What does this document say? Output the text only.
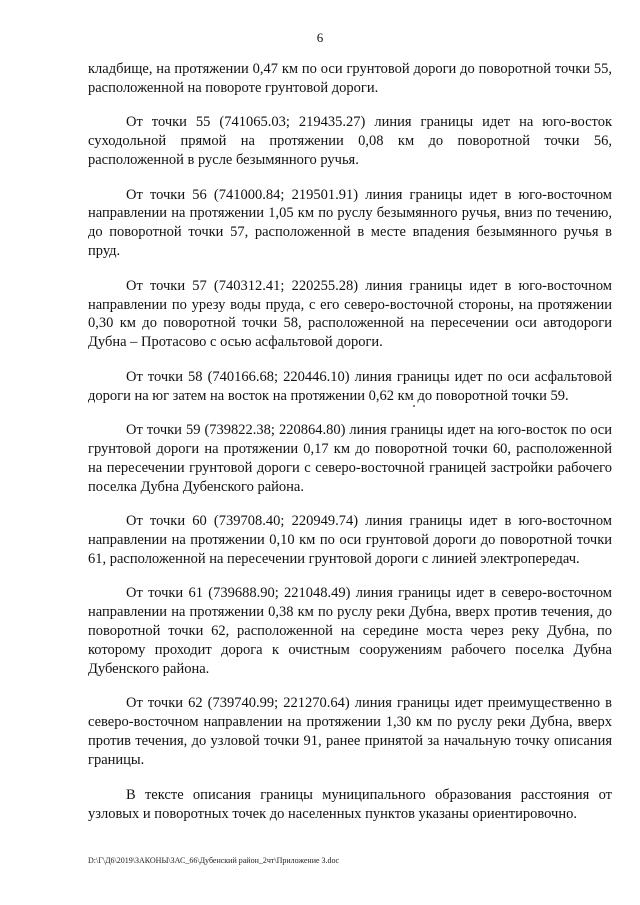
6

кладбище, на протяжении 0,47 км по оси грунтовой дороги до поворотной точки 55, расположенной на повороте грунтовой дороги.

От точки 55 (741065.03; 219435.27) линия границы идет на юго-восток суходольной прямой на протяжении 0,08 км до поворотной точки 56, расположенной в русле безымянного ручья.

От точки 56 (741000.84; 219501.91) линия границы идет в юго-восточном направлении на протяжении 1,05 км по руслу безымянного ручья, вниз по течению, до поворотной точки 57, расположенной в месте впадения безымянного ручья в пруд.

От точки 57 (740312.41; 220255.28) линия границы идет в юго-восточном направлении по урезу воды пруда, с его северо-восточной стороны, на протяжении 0,30 км до поворотной точки 58, расположенной на пересечении оси автодороги Дубна – Протасово с осью асфальтовой дороги.

От точки 58 (740166.68; 220446.10) линия границы идет по оси асфальтовой дороги на юг затем на восток на протяжении 0,62 км до поворотной точки 59.

От точки 59 (739822.38; 220864.80) линия границы идет на юго-восток по оси грунтовой дороги на протяжении 0,17 км до поворотной точки 60, расположенной на пересечении грунтовой дороги с северо-восточной границей застройки рабочего поселка Дубна Дубенского района.

От точки 60 (739708.40; 220949.74) линия границы идет в юго-восточном направлении на протяжении 0,10 км по оси грунтовой дороги до поворотной точки 61, расположенной на пересечении грунтовой дороги с линией электропередач.

От точки 61 (739688.90; 221048.49) линия границы идет в северо-восточном направлении на протяжении 0,38 км по руслу реки Дубна, вверх против течения, до поворотной точки 62, расположенной на середине моста через реку Дубна, по которому проходит дорога к очистным сооружениям рабочего поселка Дубна Дубенского района.

От точки 62 (739740.99; 221270.64) линия границы идет преимущественно в северо-восточном направлении на протяжении 1,30 км по руслу реки Дубна, вверх против течения, до узловой точки 91, ранее принятой за начальную точку описания границы.

В тексте описания границы муниципального образования расстояния от узловых и поворотных точек до населенных пунктов указаны ориентировочно.

D:\Г\Д6\2019\ЗАКОНЫ\ЗАС_66\Дубенский район_2чт\Приложение 3.doc
